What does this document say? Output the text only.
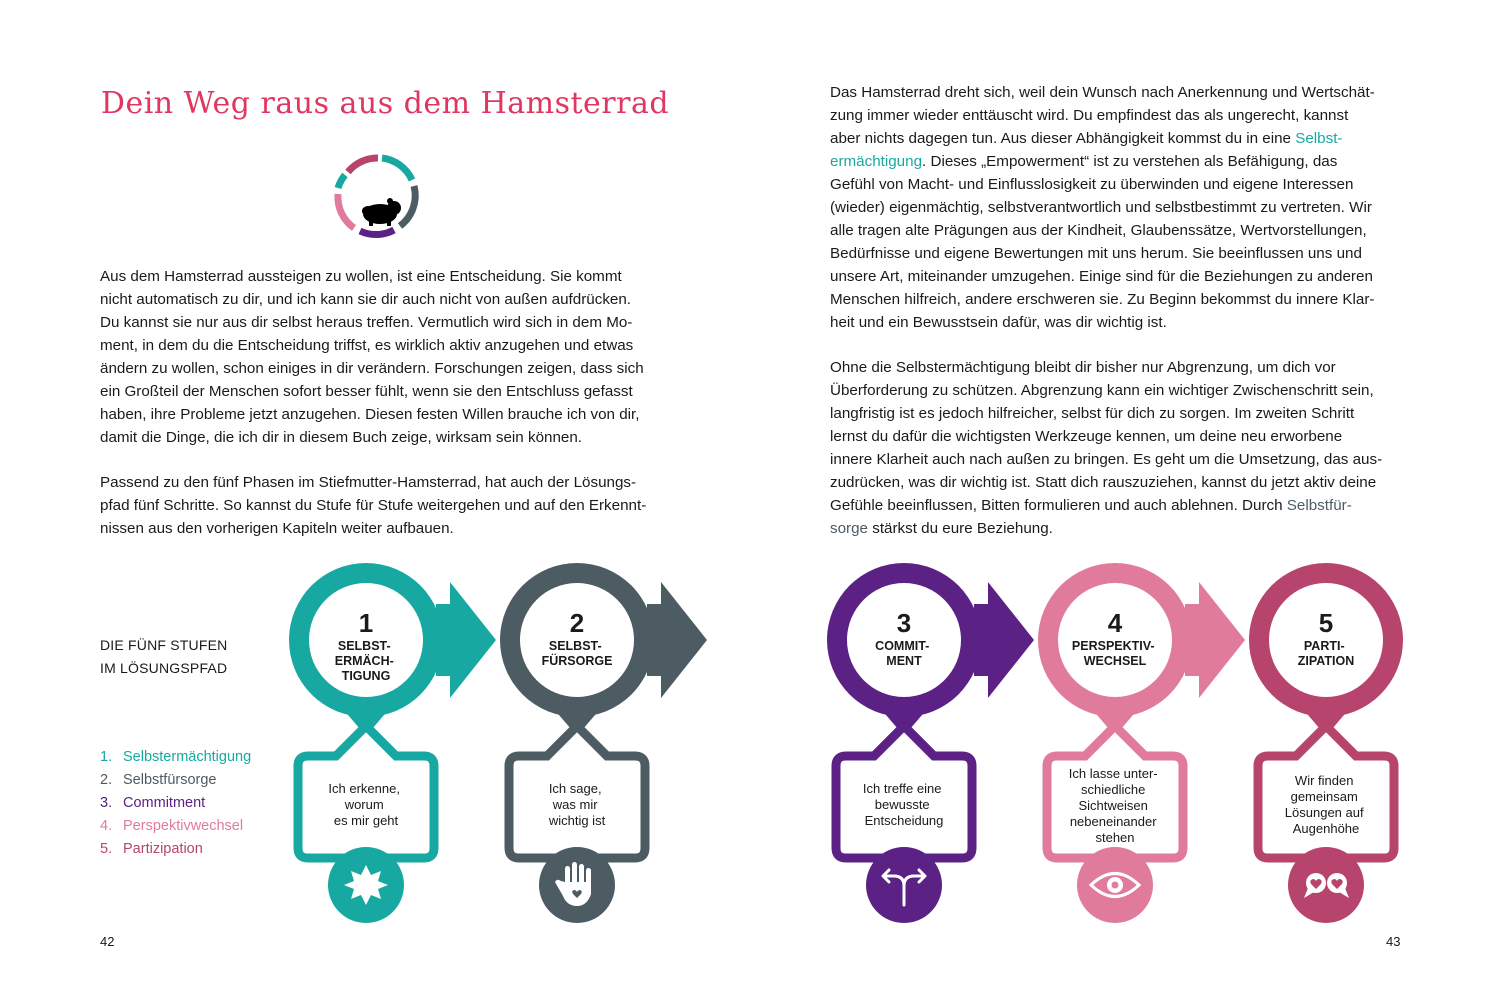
Dein Weg raus aus dem Hamsterrad

Aus dem Hamsterrad aussteigen zu wollen, ist eine Entscheidung. Sie kommt
nicht automatisch zu dir, und ich kann sie dir auch nicht von außen aufdrücken.
Du kannst sie nur aus dir selbst heraus treffen. Vermutlich wird sich in dem Mo-
ment, in dem du die Entscheidung triffst, es wirklich aktiv anzugehen und etwas
ändern zu wollen, schon einiges in dir verändern. Forschungen zeigen, dass sich
ein Großteil der Menschen sofort besser fühlt, wenn sie den Entschluss gefasst
haben, ihre Probleme jetzt anzugehen. Diesen festen Willen brauche ich von dir,
damit die Dinge, die ich dir in diesem Buch zeige, wirksam sein können.

Passend zu den fünf Phasen im Stiefmutter-Hamsterrad, hat auch der Lösungs-
pfad fünf Schritte. So kannst du Stufe für Stufe weitergehen und auf den Erkennt-
nissen aus den vorherigen Kapiteln weiter aufbauen.

DIE FÜNF STUFEN
IM LÖSUNGSPFAD
1. Selbstermächtigung
2. Selbstfürsorge
3. Commitment
4. Perspektivwechsel
5. Partizipation
42

Das Hamsterrad dreht sich, weil dein Wunsch nach Anerkennung und Wertschät-
zung immer wieder enttäuscht wird. Du empfindest das als ungerecht, kannst
aber nichts dagegen tun. Aus dieser Abhängigkeit kommst du in eine Selbst-
ermächtigung. Dieses „Empowerment“ ist zu verstehen als Befähigung, das
Gefühl von Macht- und Einflusslosigkeit zu überwinden und eigene Interessen
(wieder) eigenmächtig, selbstverantwortlich und selbstbestimmt zu vertreten. Wir
alle tragen alte Prägungen aus der Kindheit, Glaubenssätze, Wertvorstellungen,
Bedürfnisse und eigene Bewertungen mit uns herum. Sie beeinflussen uns und
unsere Art, miteinander umzugehen. Einige sind für die Beziehungen zu anderen
Menschen hilfreich, andere erschweren sie. Zu Beginn bekommst du innere Klar-
heit und ein Bewusstsein dafür, was dir wichtig ist.

Ohne die Selbstermächtigung bleibt dir bisher nur Abgrenzung, um dich vor
Überforderung zu schützen. Abgrenzung kann ein wichtiger Zwischenschritt sein,
langfristig ist es jedoch hilfreicher, selbst für dich zu sorgen. Im zweiten Schritt
lernst du dafür die wichtigsten Werkzeuge kennen, um deine neu erworbene
innere Klarheit auch nach außen zu bringen. Es geht um die Umsetzung, das aus-
zudrücken, was dir wichtig ist. Statt dich rauszuziehen, kannst du jetzt aktiv deine
Gefühle beeinflussen, Bitten formulieren und auch ablehnen. Durch Selbstfür-
sorge stärkst du eure Beziehung.

43
1
SELBST- ERMÄCH- TIGUNG
Ich erkenne, worum es mir geht
2
SELBST- FÜRSORGE
Ich sage, was mir wichtig ist
3
COMMIT- MENT
Ich treffe eine bewusste Entscheidung
4
PERSPEKTIV- WECHSEL
Ich lasse unter- schiedliche Sichtweisen nebeneinander stehen
5
PARTI- ZIPATION
Wir finden gemeinsam Lösungen auf Augenhöhe
